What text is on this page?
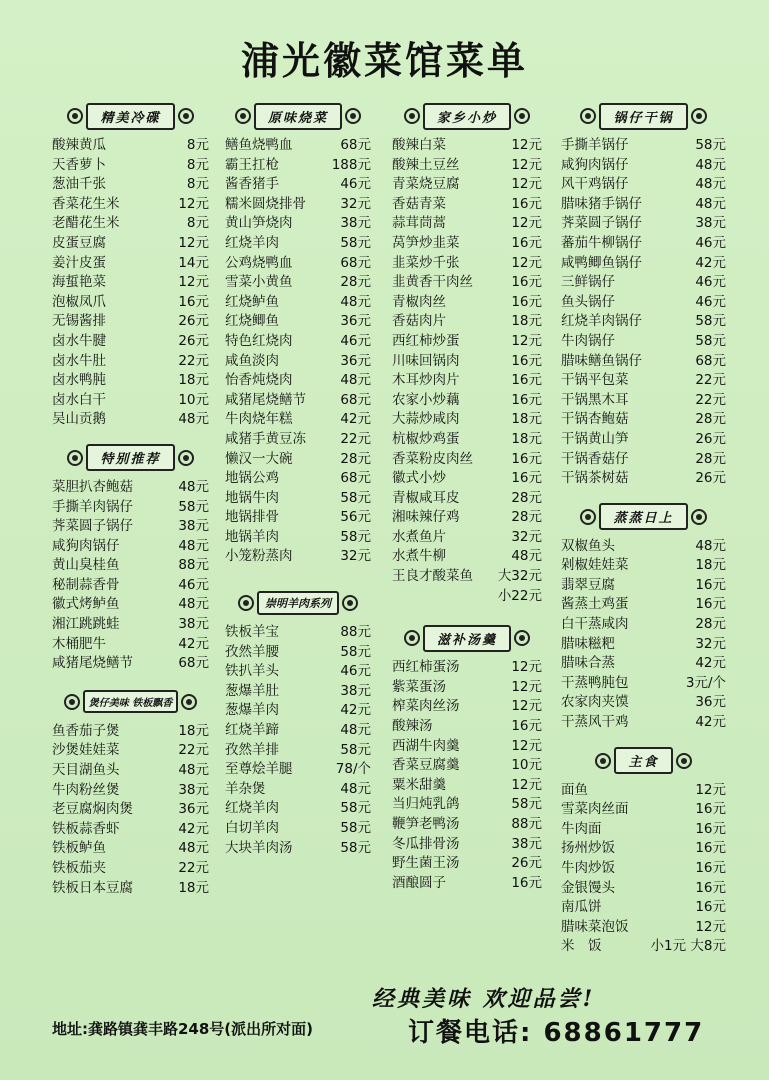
浦光徽菜馆菜单
精美冷碟
酸辣黄瓜	8元
天香萝卜	8元
葱油千张	8元
香菜花生米	12元
老醋花生米	8元
皮蛋豆腐	12元
姜汁皮蛋	14元
海蜇艳菜	12元
泡椒凤爪	16元
无锡酱排	26元
卤水牛腱	26元
卤水牛肚	22元
卤水鸭肫	18元
卤水白干	10元
吴山贡鹅	48元
特别推荐
菜胆扒杏鲍菇	48元
手撕羊肉锅仔	58元
荠菜圆子锅仔	38元
咸狗肉锅仔	48元
黄山臭桂鱼	88元
秘制蒜香骨	46元
徽式烤鲈鱼	48元
湘江跳跳蛙	38元
木桶肥牛	42元
咸猪尾烧鳝节	68元
煲仔美味 铁板飘香
鱼香茄子煲	18元
沙煲娃娃菜	22元
天目湖鱼头	48元
牛肉粉丝煲	38元
老豆腐焖肉煲	36元
铁板蒜香虾	42元
铁板鲈鱼	48元
铁板茄夹	22元
铁板日本豆腐	18元
原味烧菜
鳝鱼烧鸭血	68元
霸王扛枪	188元
酱香猪手	46元
糯米圆烧排骨	32元
黄山笋烧肉	38元
红烧羊肉	58元
公鸡烧鸭血	68元
雪菜小黄鱼	28元
红烧鲈鱼	48元
红烧鲫鱼	36元
特色红烧肉	46元
咸鱼淡肉	36元
怡香炖烧肉	48元
咸猪尾烧鳝节	68元
牛肉烧年糕	42元
咸猪手黄豆冻	22元
懒汉一大碗	28元
地锅公鸡	68元
地锅牛肉	58元
地锅排骨	56元
地锅羊肉	58元
小笼粉蒸肉	32元
崇明羊肉系列
铁板羊宝	88元
孜然羊腰	58元
铁扒羊头	46元
葱爆羊肚	38元
葱爆羊肉	42元
红烧羊蹄	48元
孜然羊排	58元
至尊烩羊腿	78/个
羊杂煲	48元
红烧羊肉	58元
白切羊肉	58元
大块羊肉汤	58元
家乡小炒
酸辣白菜	12元
酸辣土豆丝	12元
青菜烧豆腐	12元
香菇青菜	16元
蒜茸茼蒿	12元
莴笋炒韭菜	16元
韭菜炒千张	12元
韭黄香干肉丝	16元
青椒肉丝	16元
香菇肉片	18元
西红柿炒蛋	12元
川味回锅肉	16元
木耳炒肉片	16元
农家小炒藕	16元
大蒜炒咸肉	18元
杭椒炒鸡蛋	18元
香菜粉皮肉丝	16元
徽式小炒	16元
青椒咸耳皮	28元
湘味辣仔鸡	28元
水煮鱼片	32元
水煮牛柳	48元
王良才酸菜鱼 大32元
小22元
滋补汤羹
西红柿蛋汤	12元
紫菜蛋汤	12元
榨菜肉丝汤	12元
酸辣汤	16元
西湖牛肉羹	12元
香菜豆腐羹	10元
粟米甜羹	12元
当归炖乳鸽	58元
鞭笋老鸭汤	88元
冬瓜排骨汤	38元
野生菌王汤	26元
酒酿圆子	16元
锅仔干锅
手撕羊锅仔	58元
咸狗肉锅仔	48元
风干鸡锅仔	48元
腊味猪手锅仔	48元
荠菜圆子锅仔	38元
蕃茄牛柳锅仔	46元
咸鸭鲫鱼锅仔	42元
三鲜锅仔	46元
鱼头锅仔	46元
红烧羊肉锅仔	58元
牛肉锅仔	58元
腊味鳝鱼锅仔	68元
干锅平包菜	22元
干锅黑木耳	22元
干锅杏鲍菇	28元
干锅黄山笋	26元
干锅香菇仔	28元
干锅茶树菇	26元
蒸蒸日上
双椒鱼头	48元
剁椒娃娃菜	18元
翡翠豆腐	16元
酱蒸土鸡蛋	16元
白干蒸咸肉	28元
腊味糍粑	32元
腊味合蒸	42元
干蒸鸭肫包	3元/个
农家肉夹馍	36元
干蒸风干鸡	42元
主食
面鱼	12元
雪菜肉丝面	16元
牛肉面	16元
扬州炒饭	16元
牛肉炒饭	16元
金银馒头	16元
南瓜饼	16元
腊味菜泡饭	12元
米　饭	小1元 大8元
经典美味 欢迎品尝!
地址:龚路镇龚丰路248号(派出所对面)	订餐电话: 68861777
